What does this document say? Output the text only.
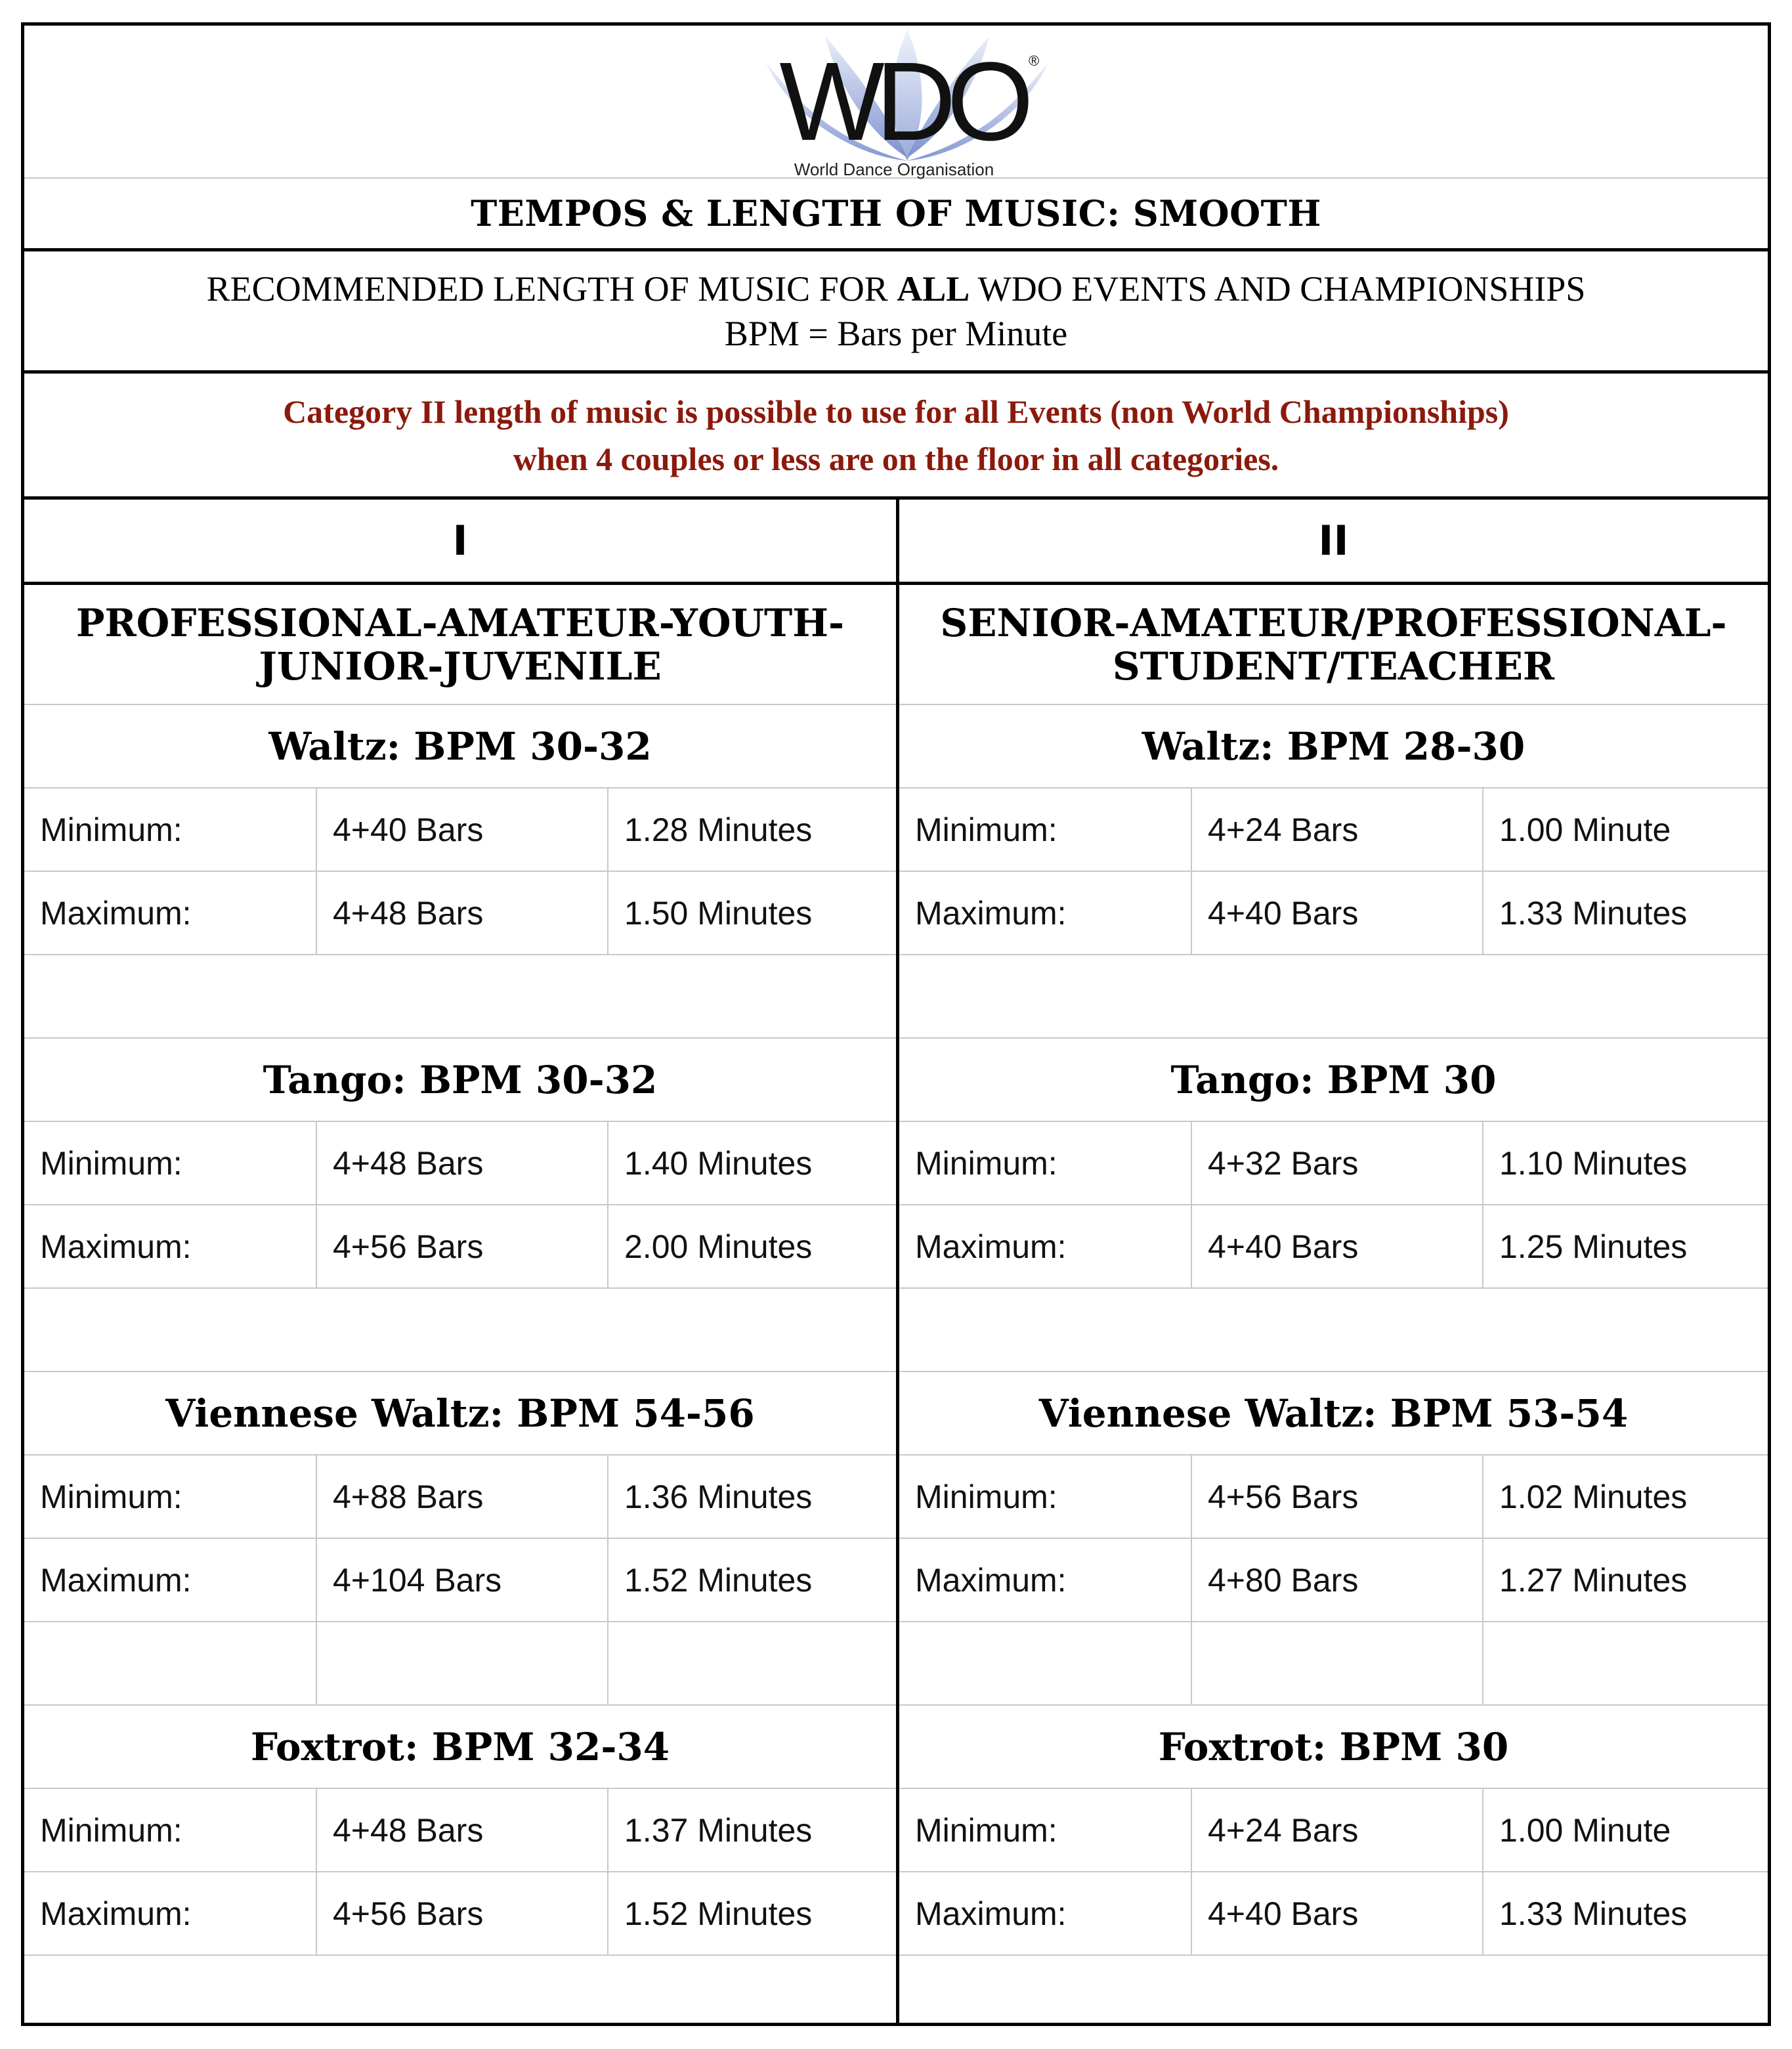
WDO ®
World Dance Organisation
TEMPOS & LENGTH OF MUSIC: SMOOTH
RECOMMENDED LENGTH OF MUSIC FOR ALL WDO EVENTS AND CHAMPIONSHIPS
BPM = Bars per Minute
Category II length of music is possible to use for all Events (non World Championships)
when 4 couples or less are on the floor in all categories.
I
PROFESSIONAL-AMATEUR-YOUTH-
JUNIOR-JUVENILE
Waltz: BPM 30-32
Minimum:	4+40 Bars	1.28 Minutes
Maximum:	4+48 Bars	1.50 Minutes
Tango: BPM 30-32
Minimum:	4+48 Bars	1.40 Minutes
Maximum:	4+56 Bars	2.00 Minutes
Viennese Waltz: BPM 54-56
Minimum:	4+88 Bars	1.36 Minutes
Maximum:	4+104 Bars	1.52 Minutes
Foxtrot: BPM 32-34
Minimum:	4+48 Bars	1.37 Minutes
Maximum:	4+56 Bars	1.52 Minutes
II
SENIOR-AMATEUR/PROFESSIONAL-
STUDENT/TEACHER
Waltz: BPM 28-30
Minimum:	4+24 Bars	1.00 Minute
Maximum:	4+40 Bars	1.33 Minutes
Tango: BPM 30
Minimum:	4+32 Bars	1.10 Minutes
Maximum:	4+40 Bars	1.25 Minutes
Viennese Waltz: BPM 53-54
Minimum:	4+56 Bars	1.02 Minutes
Maximum:	4+80 Bars	1.27 Minutes
Foxtrot: BPM 30
Minimum:	4+24 Bars	1.00 Minute
Maximum:	4+40 Bars	1.33 Minutes
